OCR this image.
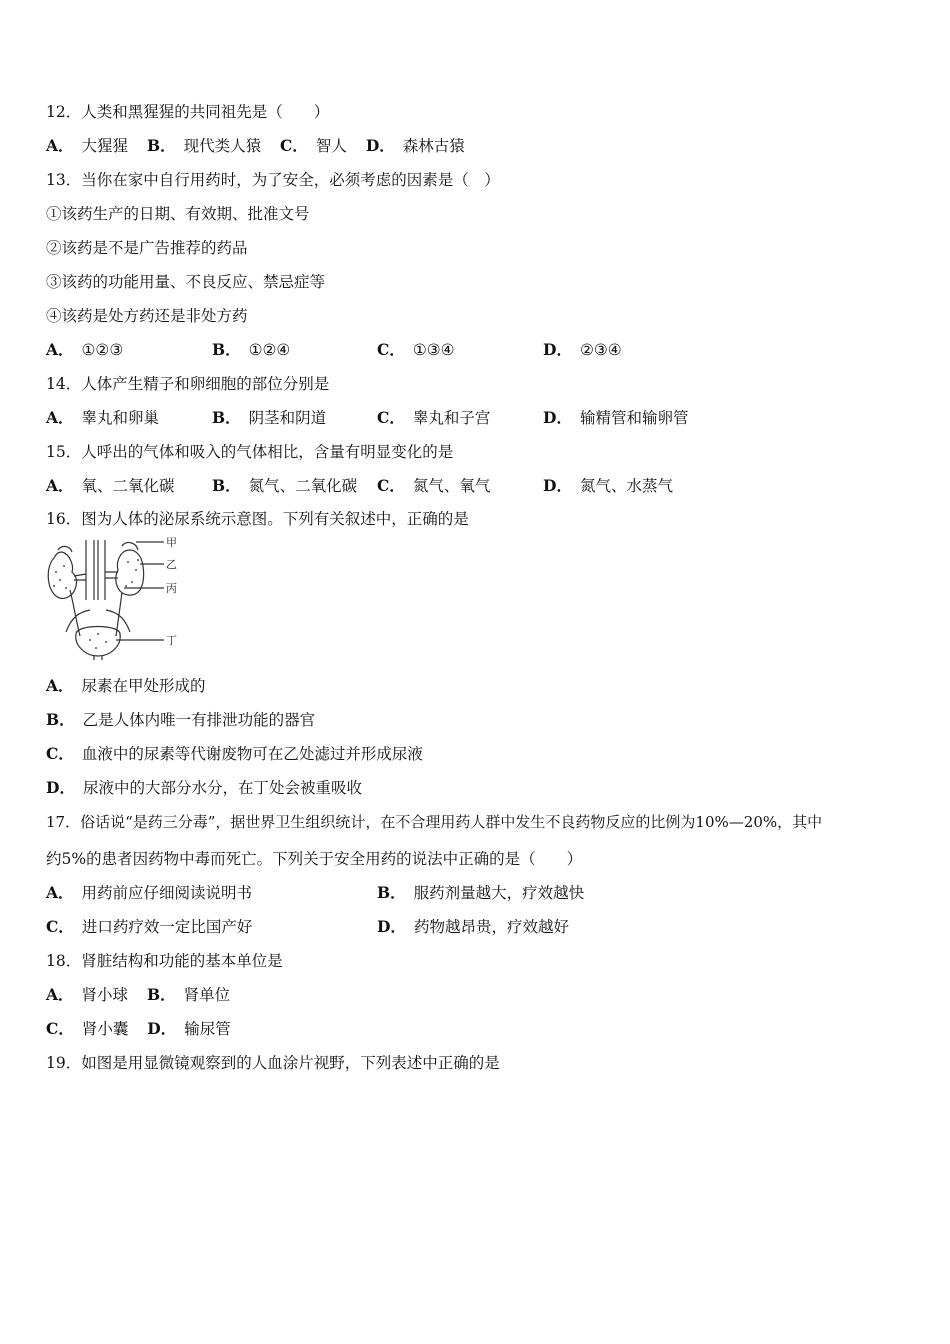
12．人类和黑猩猩的共同祖先是（　　）
A． 大猩猩 B． 现代类人猿 C． 智人 D． 森林古猿
13．当你在家中自行用药时，为了安全，必须考虑的因素是（　）
①该药生产的日期、有效期、批准文号
②该药是不是广告推荐的药品
③该药的功能用量、不良反应、禁忌症等
④该药是处方药还是非处方药
A． ①②③	B． ①②④	C． ①③④	D． ②③④
14．人体产生精子和卵细胞的部位分别是
A． 睾丸和卵巢	B． 阴茎和阴道	C． 睾丸和子宫	D． 输精管和输卵管
15．人呼出的气体和吸入的气体相比，含量有明显变化的是
A． 氧、二氧化碳 B． 氮气、二氧化碳 C． 氮气、氧气	D． 氮气、水蒸气
16．图为人体的泌尿系统示意图。下列有关叙述中，正确的是
甲
乙
丙
丁
A． 尿素在甲处形成的
B． 乙是人体内唯一有排泄功能的器官
C． 血液中的尿素等代谢废物可在乙处滤过并形成尿液
D． 尿液中的大部分水分，在丁处会被重吸收
17．俗话说“是药三分毒”，据世界卫生组织统计，在不合理用药人群中发生不良药物反应的比例为10%—20%，其中
约5%的患者因药物中毒而死亡。下列关于安全用药的说法中正确的是（　　）
A． 用药前应仔细阅读说明书	B． 服药剂量越大，疗效越快
C． 进口药疗效一定比国产好	D． 药物越昂贵，疗效越好
18．肾脏结构和功能的基本单位是
A． 肾小球 B． 肾单位
C． 肾小囊 D． 输尿管
19．如图是用显微镜观察到的人血涂片视野，下列表述中正确的是
